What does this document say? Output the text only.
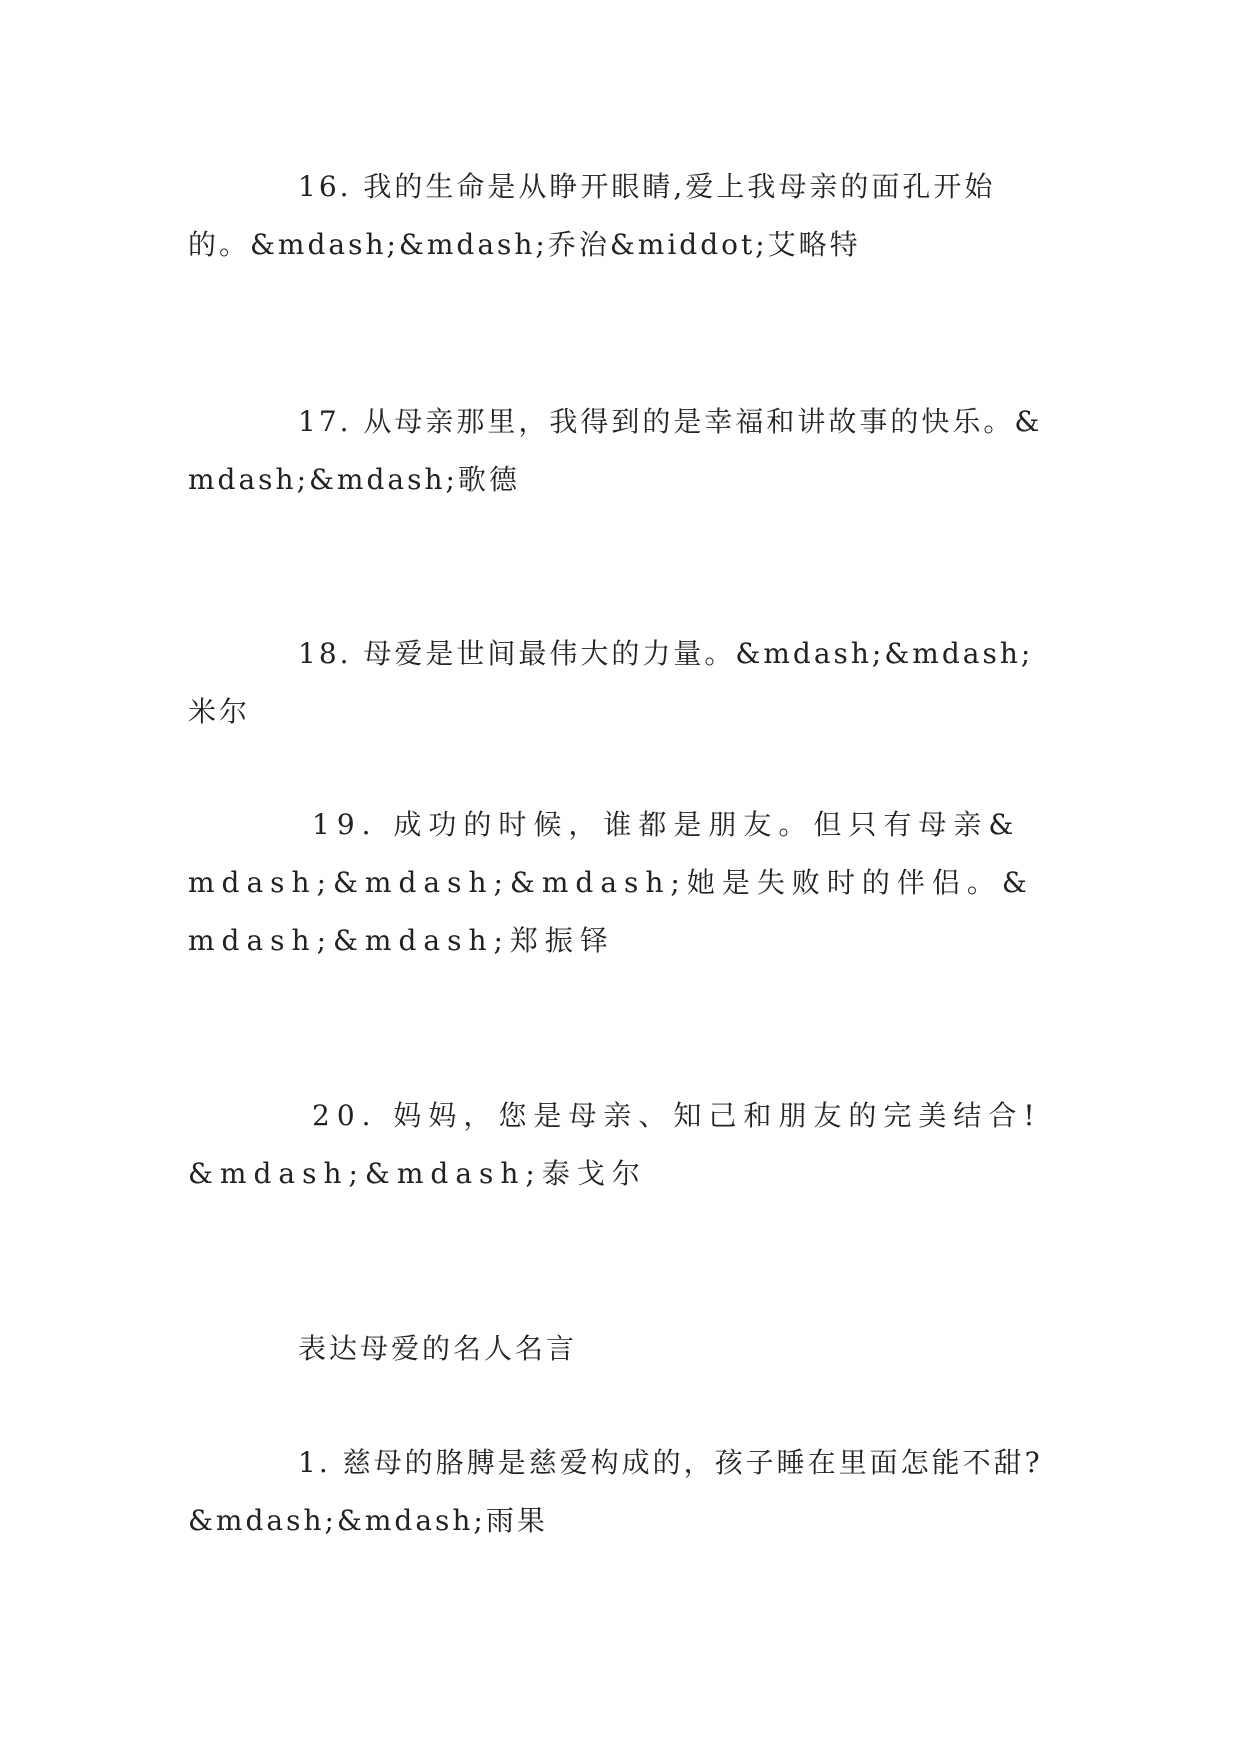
16. 我的生命是从睁开眼睛,爱上我母亲的面孔开始的。&mdash;&mdash;乔治&middot;艾略特

17. 从母亲那里，我得到的是幸福和讲故事的快乐。&mdash;&mdash;歌德

18. 母爱是世间最伟大的力量。&mdash;&mdash;米尔

19. 成功的时候，谁都是朋友。但只有母亲&mdash;&mdash;&mdash;她是失败时的伴侣。&mdash;&mdash;郑振铎

20. 妈妈，您是母亲、知己和朋友的完美结合!&mdash;&mdash;泰戈尔

表达母爱的名人名言

1. 慈母的胳膊是慈爱构成的，孩子睡在里面怎能不甜?&mdash;&mdash;雨果
